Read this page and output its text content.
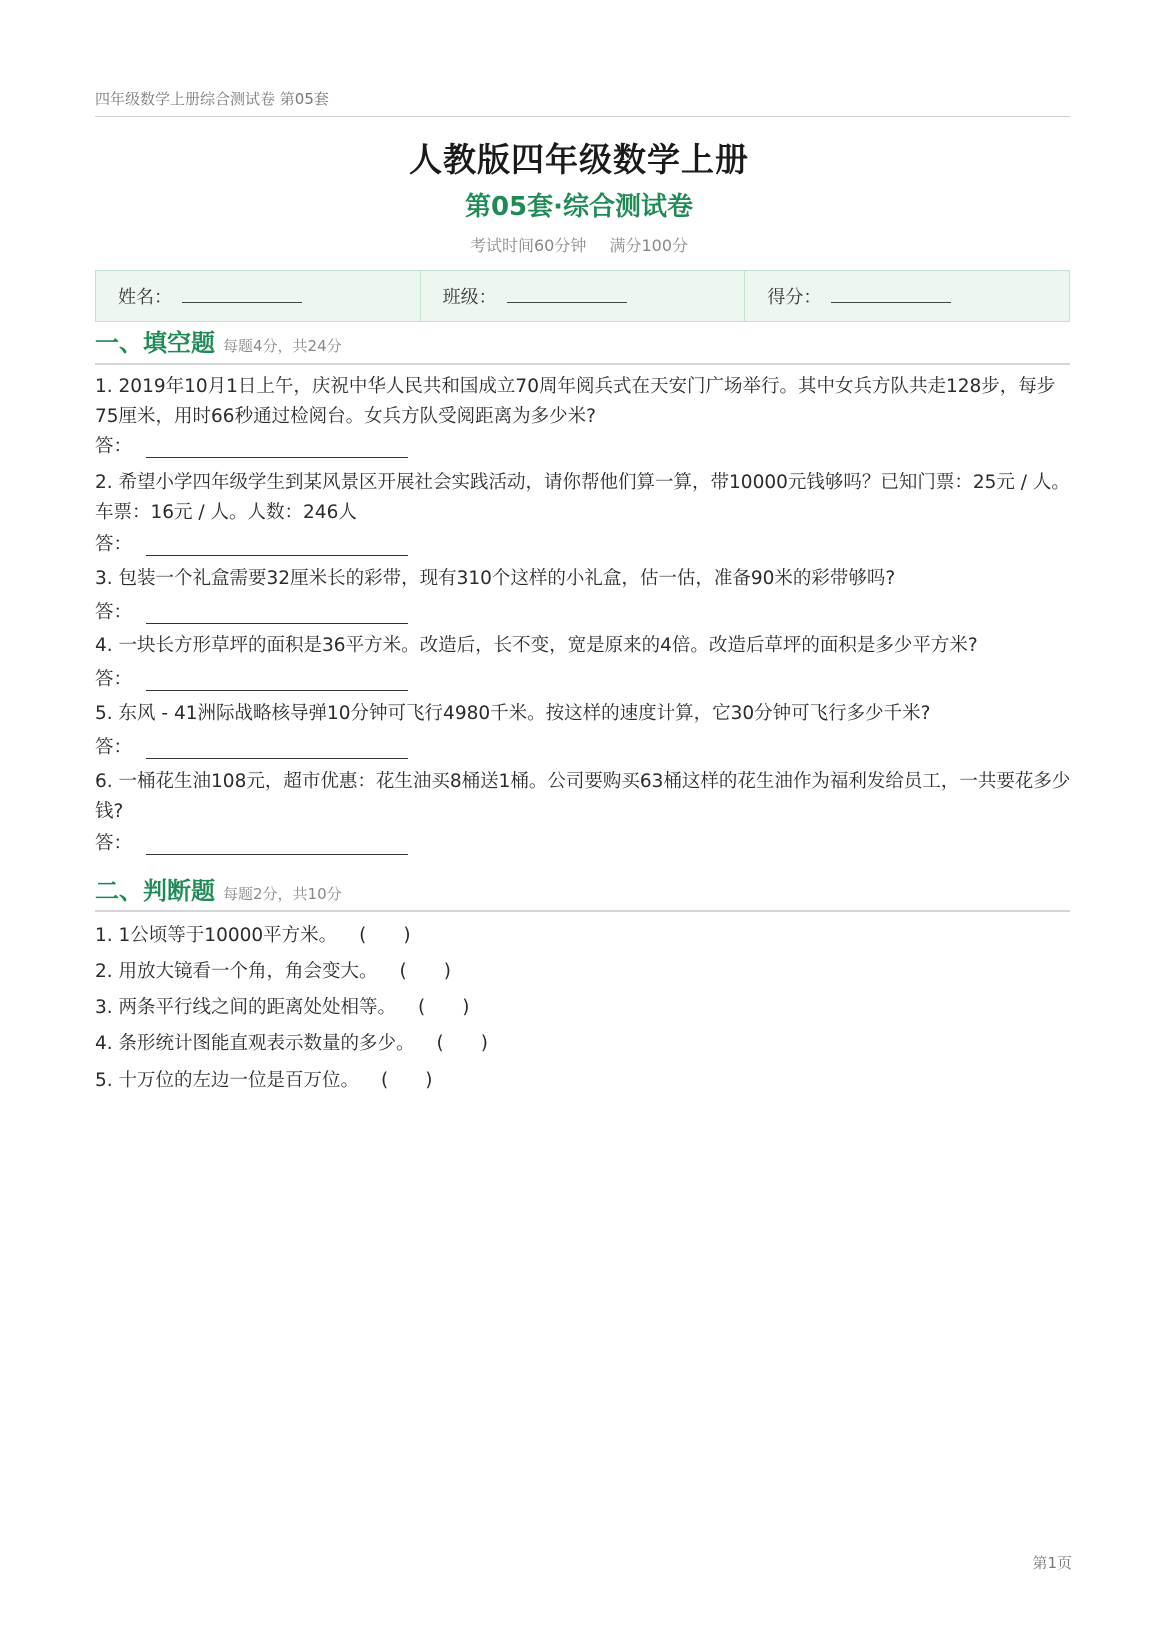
四年级数学上册综合测试卷 第05套
人教版四年级数学上册
第05套·综合测试卷
考试时间60分钟 满分100分
姓名：	班级：	得分：
一、填空题 每题4分，共24分
1. 2019年10月1日上午，庆祝中华人民共和国成立70周年阅兵式在天安门广场举行。其中女兵方队共走128步，每步75厘米，用时66秒通过检阅台。女兵方队受阅距离为多少米?
答：
2. 希望小学四年级学生到某风景区开展社会实践活动，请你帮他们算一算，带10000元钱够吗？已知门票：25元 / 人。车票：16元 / 人。人数：246人
答：
3. 包装一个礼盒需要32厘米长的彩带，现有310个这样的小礼盒，估一估，准备90米的彩带够吗?
答：
4. 一块长方形草坪的面积是36平方米。改造后，长不变，宽是原来的4倍。改造后草坪的面积是多少平方米?
答：
5. 东风 - 41洲际战略核导弹10分钟可飞行4980千米。按这样的速度计算，它30分钟可飞行多少千米?
答：
6. 一桶花生油108元，超市优惠：花生油买8桶送1桶。公司要购买63桶这样的花生油作为福利发给员工，一共要花多少钱?
答：
二、判断题 每题2分，共10分
1. 1公顷等于10000平方米。 (　　)
2. 用放大镜看一个角，角会变大。 (　　)
3. 两条平行线之间的距离处处相等。 (　　)
4. 条形统计图能直观表示数量的多少。 (　　)
5. 十万位的左边一位是百万位。 (　　)
第1页
